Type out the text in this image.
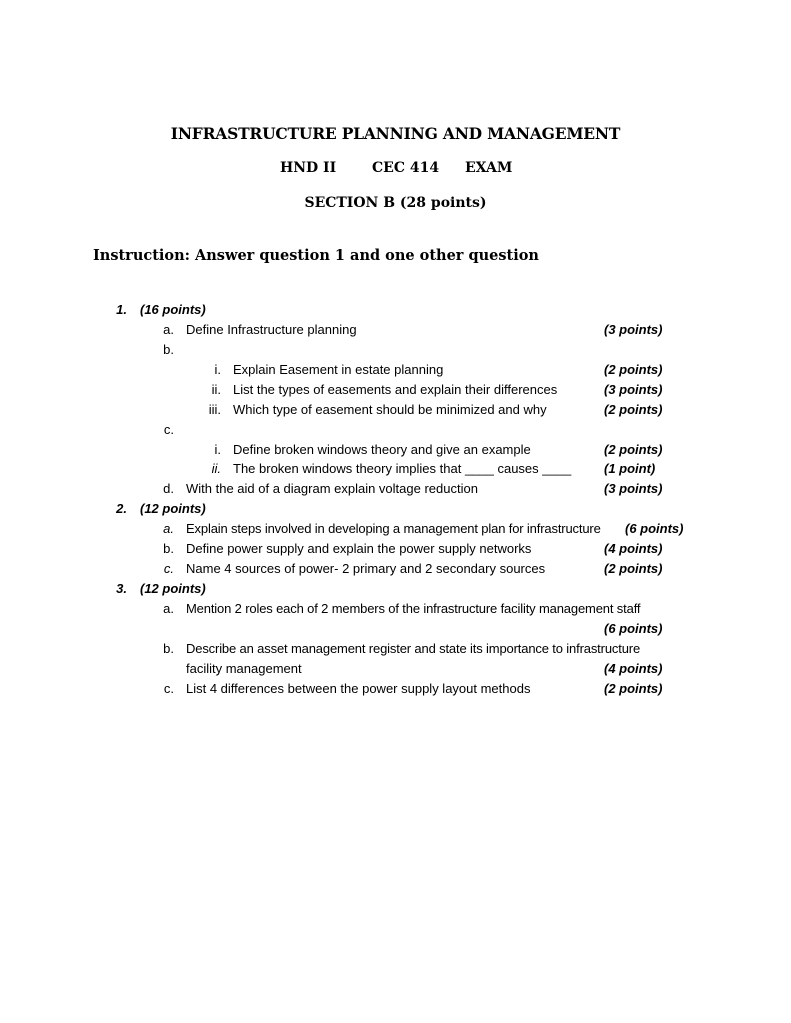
INFRASTRUCTURE PLANNING AND MANAGEMENT
HND II	CEC 414 EXAM
SECTION B (28 points)
Instruction: Answer question 1 and one other question
1. (16 points)
a. Define Infrastructure planning	(3 points)
b.
i. Explain Easement in estate planning	(2 points)
ii. List the types of easements and explain their differences	(3 points)
iii. Which type of easement should be minimized and why	(2 points)
c.
i. Define broken windows theory and give an example	(2 points)
ii. The broken windows theory implies that ____ causes ____	(1 point)
d. With the aid of a diagram explain voltage reduction	(3 points)
2. (12 points)
a. Explain steps involved in developing a management plan for infrastructure (6 points)
b. Define power supply and explain the power supply networks	(4 points)
c. Name 4 sources of power- 2 primary and 2 secondary sources	(2 points)
3. (12 points)
a. Mention 2 roles each of 2 members of the infrastructure facility management staff
(6 points)
b. Describe an asset management register and state its importance to infrastructure
facility management	(4 points)
c. List 4 differences between the power supply layout methods	(2 points)
